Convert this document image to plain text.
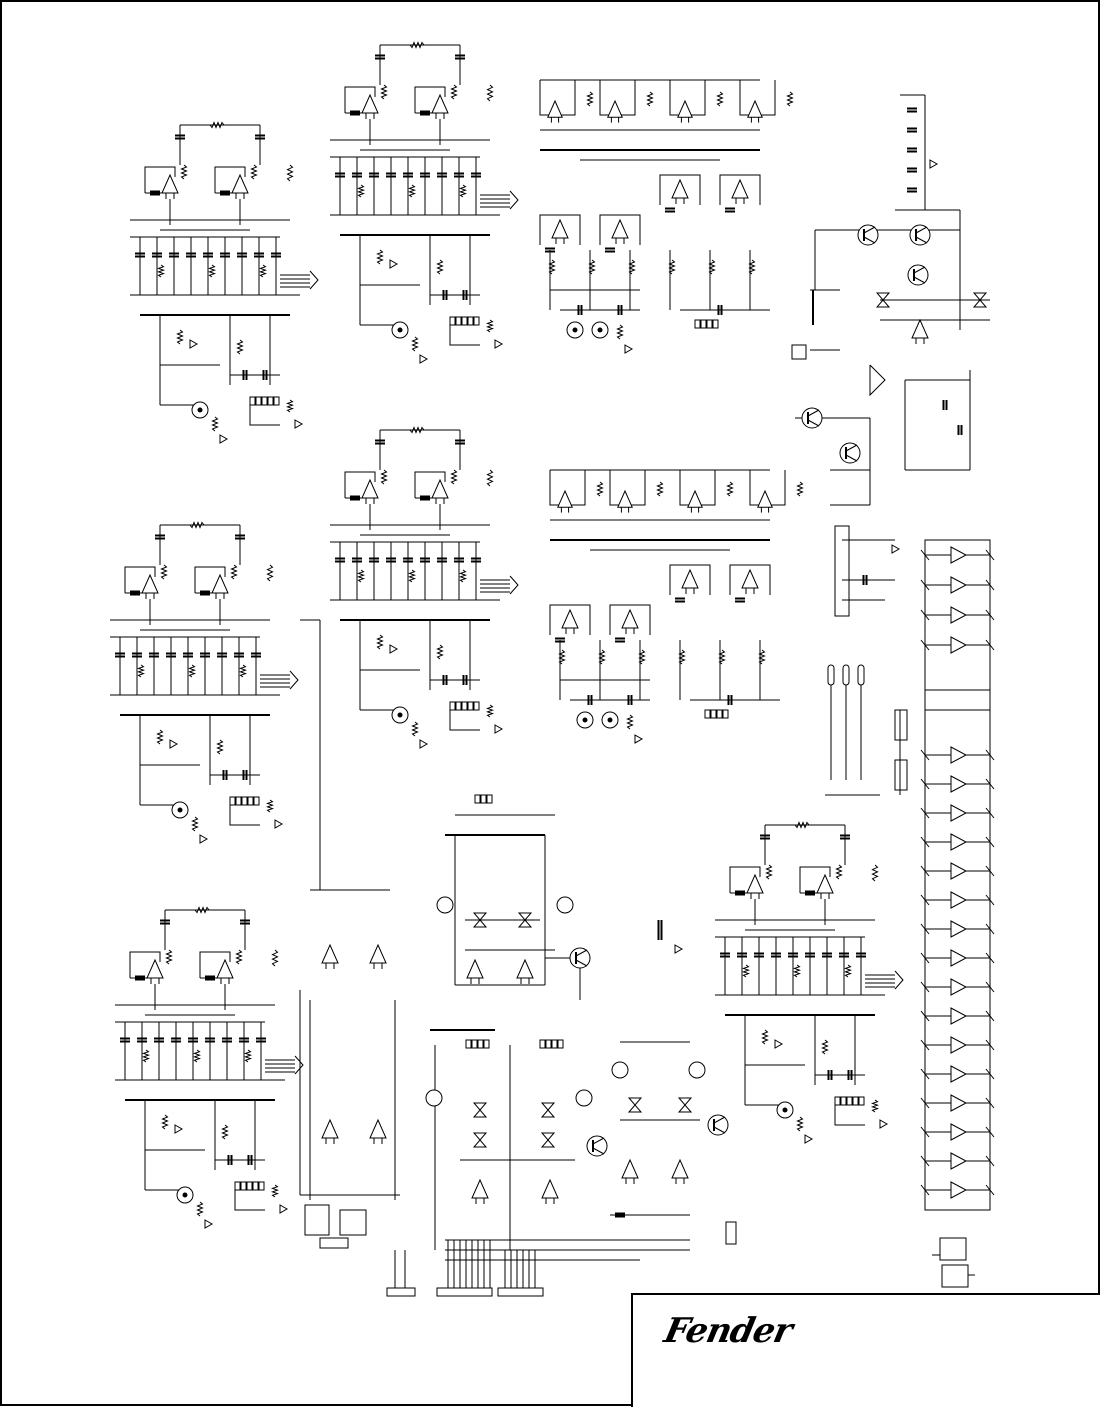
Fender
